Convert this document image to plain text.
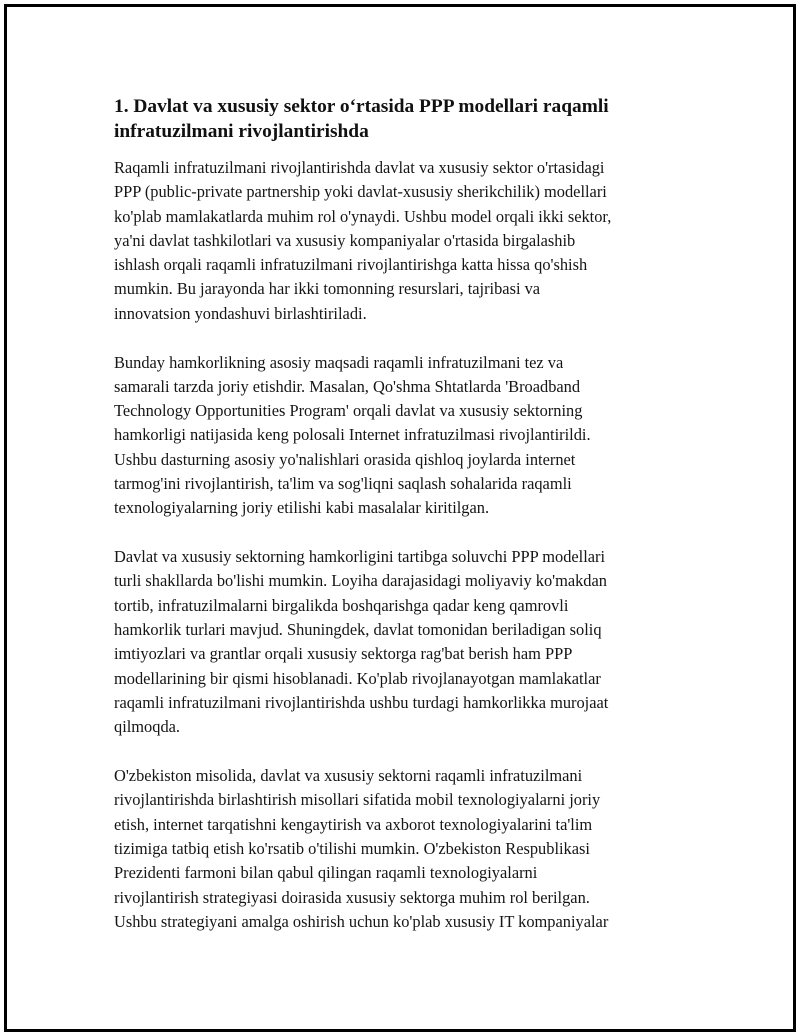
1. Davlat va xususiy sektor o‘rtasida PPP modellari raqamli
infratuzilmani rivojlantirishda

Raqamli infratuzilmani rivojlantirishda davlat va xususiy sektor o'rtasidagi
PPP (public-private partnership yoki davlat-xususiy sherikchilik) modellari
ko'plab mamlakatlarda muhim rol o'ynaydi. Ushbu model orqali ikki sektor,
ya'ni davlat tashkilotlari va xususiy kompaniyalar o'rtasida birgalashib
ishlash orqali raqamli infratuzilmani rivojlantirishga katta hissa qo'shish
mumkin. Bu jarayonda har ikki tomonning resurslari, tajribasi va
innovatsion yondashuvi birlashtiriladi.

Bunday hamkorlikning asosiy maqsadi raqamli infratuzilmani tez va
samarali tarzda joriy etishdir. Masalan, Qo'shma Shtatlarda 'Broadband
Technology Opportunities Program' orqali davlat va xususiy sektorning
hamkorligi natijasida keng polosali Internet infratuzilmasi rivojlantirildi.
Ushbu dasturning asosiy yo'nalishlari orasida qishloq joylarda internet
tarmog'ini rivojlantirish, ta'lim va sog'liqni saqlash sohalarida raqamli
texnologiyalarning joriy etilishi kabi masalalar kiritilgan.

Davlat va xususiy sektorning hamkorligini tartibga soluvchi PPP modellari
turli shakllarda bo'lishi mumkin. Loyiha darajasidagi moliyaviy ko'makdan
tortib, infratuzilmalarni birgalikda boshqarishga qadar keng qamrovli
hamkorlik turlari mavjud. Shuningdek, davlat tomonidan beriladigan soliq
imtiyozlari va grantlar orqali xususiy sektorga rag'bat berish ham PPP
modellarining bir qismi hisoblanadi. Ko'plab rivojlanayotgan mamlakatlar
raqamli infratuzilmani rivojlantirishda ushbu turdagi hamkorlikka murojaat
qilmoqda.

O'zbekiston misolida, davlat va xususiy sektorni raqamli infratuzilmani
rivojlantirishda birlashtirish misollari sifatida mobil texnologiyalarni joriy
etish, internet tarqatishni kengaytirish va axborot texnologiyalarini ta'lim
tizimiga tatbiq etish ko'rsatib o'tilishi mumkin. O'zbekiston Respublikasi
Prezidenti farmoni bilan qabul qilingan raqamli texnologiyalarni
rivojlantirish strategiyasi doirasida xususiy sektorga muhim rol berilgan.
Ushbu strategiyani amalga oshirish uchun ko'plab xususiy IT kompaniyalar
